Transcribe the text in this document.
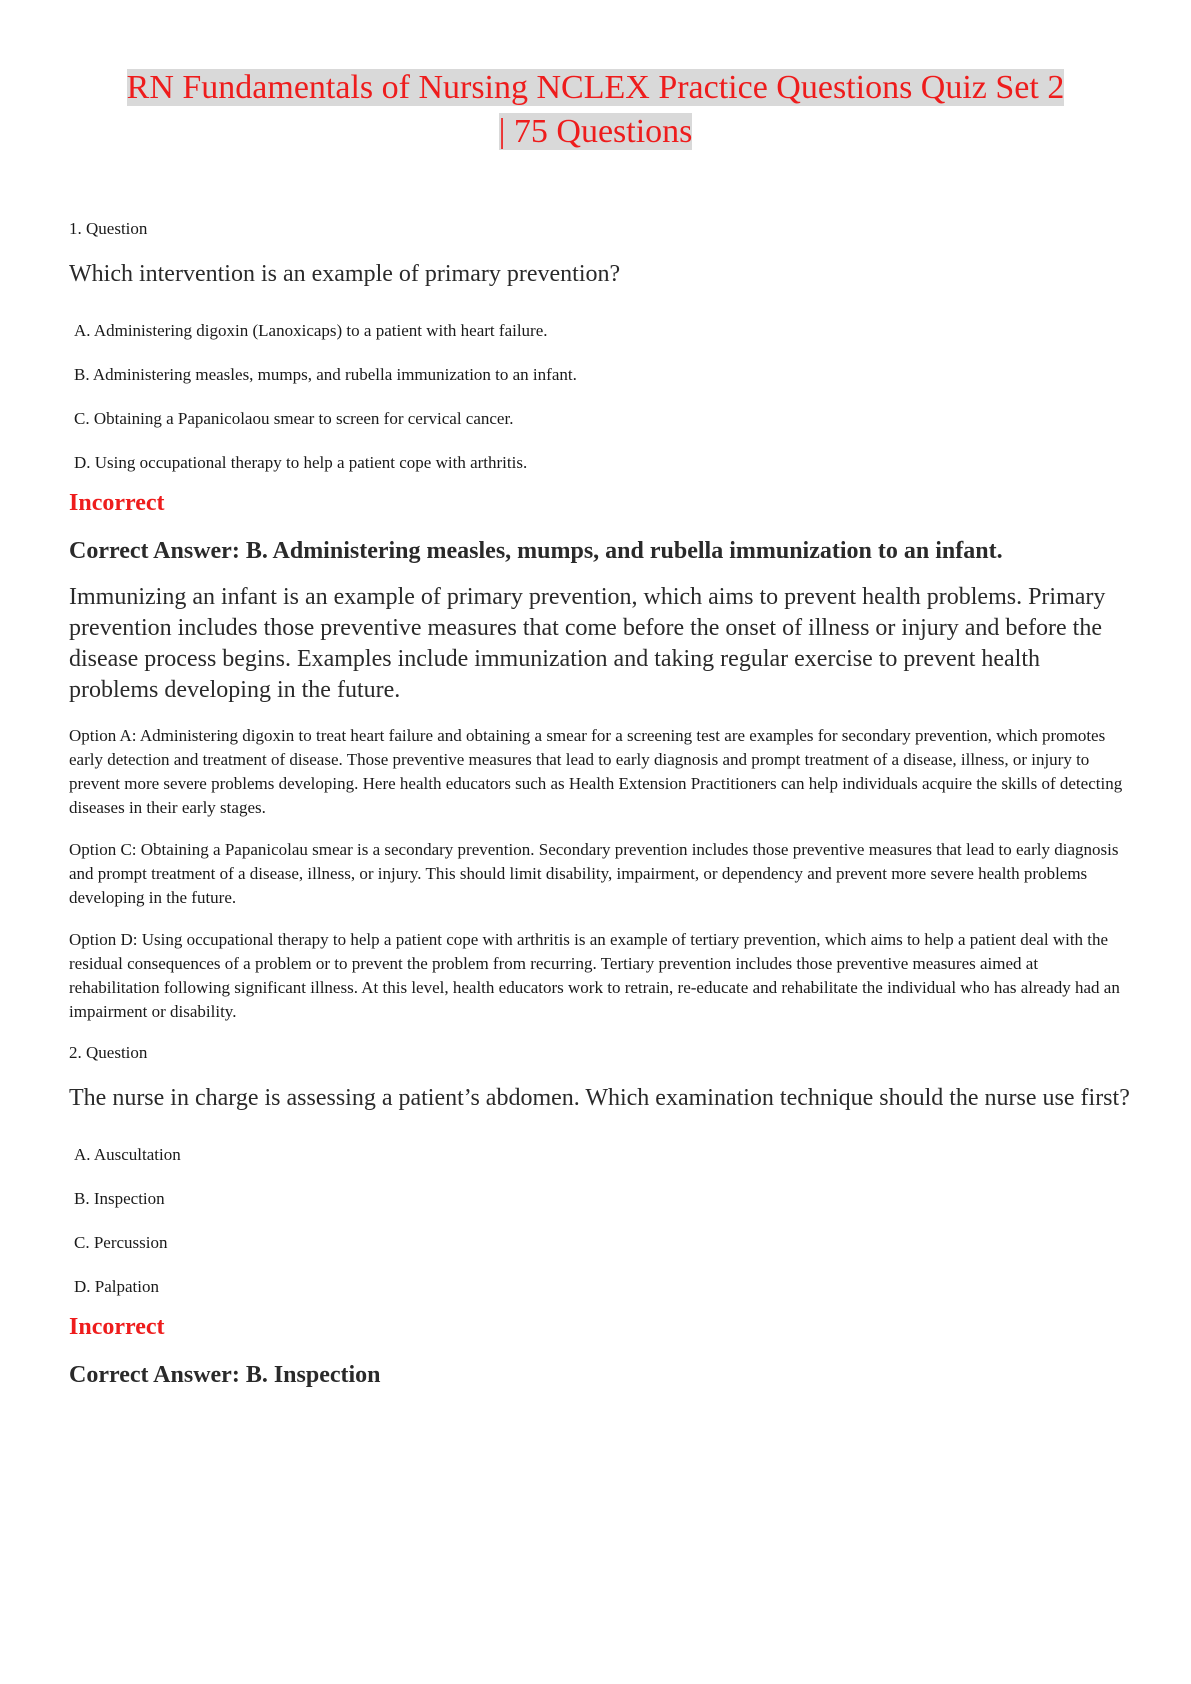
RN Fundamentals of Nursing NCLEX Practice Questions Quiz Set 2
| 75 Questions

1. Question

Which intervention is an example of primary prevention?

A. Administering digoxin (Lanoxicaps) to a patient with heart failure.
B. Administering measles, mumps, and rubella immunization to an infant.
C. Obtaining a Papanicolaou smear to screen for cervical cancer.
D. Using occupational therapy to help a patient cope with arthritis.

Incorrect

Correct Answer: B. Administering measles, mumps, and rubella immunization to an infant.

Immunizing an infant is an example of primary prevention, which aims to prevent health problems. Primary prevention includes those preventive measures that come before the onset of illness or injury and before the disease process begins. Examples include immunization and taking regular exercise to prevent health problems developing in the future.

Option A: Administering digoxin to treat heart failure and obtaining a smear for a screening test are examples for secondary prevention, which promotes early detection and treatment of disease. Those preventive measures that lead to early diagnosis and prompt treatment of a disease, illness, or injury to prevent more severe problems developing. Here health educators such as Health Extension Practitioners can help individuals acquire the skills of detecting diseases in their early stages.

Option C: Obtaining a Papanicolau smear is a secondary prevention. Secondary prevention includes those preventive measures that lead to early diagnosis and prompt treatment of a disease, illness, or injury. This should limit disability, impairment, or dependency and prevent more severe health problems developing in the future.

Option D: Using occupational therapy to help a patient cope with arthritis is an example of tertiary prevention, which aims to help a patient deal with the residual consequences of a problem or to prevent the problem from recurring. Tertiary prevention includes those preventive measures aimed at rehabilitation following significant illness. At this level, health educators work to retrain, re-educate and rehabilitate the individual who has already had an impairment or disability.

2. Question

The nurse in charge is assessing a patient’s abdomen. Which examination technique should the nurse use first?

A. Auscultation
B. Inspection
C. Percussion
D. Palpation

Incorrect

Correct Answer: B. Inspection
